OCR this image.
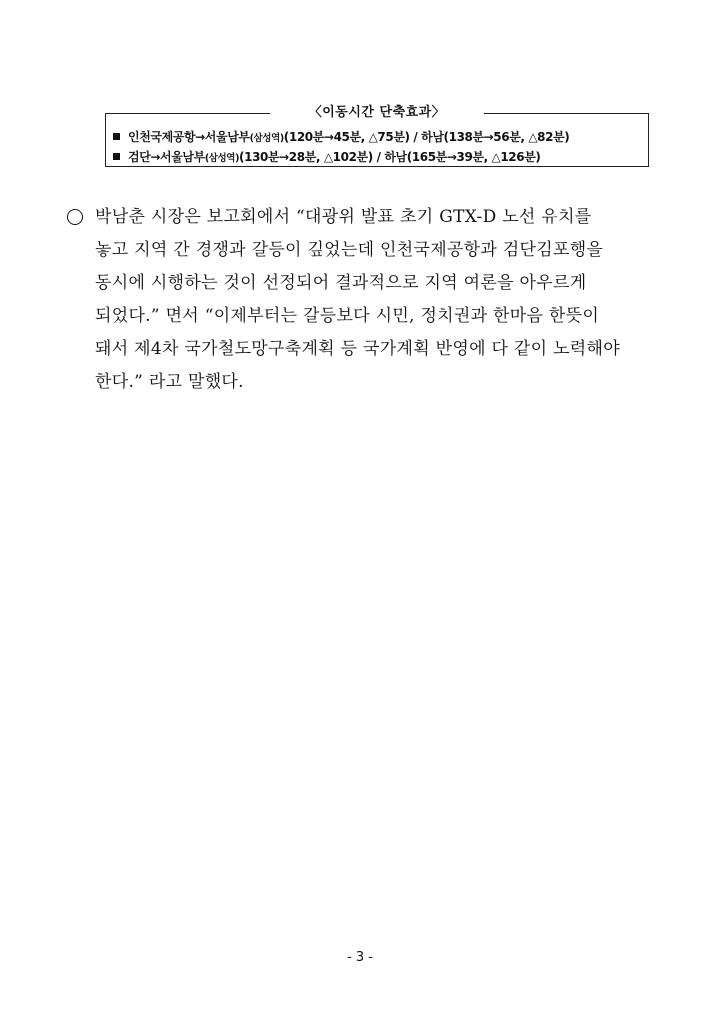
〈이동시간 단축효과〉
인천국제공항→서울남부(삼성역)(120분→45분, △75분) / 하남(138분→56분, △82분)
검단→서울남부(삼성역)(130분→28분, △102분) / 하남(165분→39분, △126분)
박남춘 시장은 보고회에서 “대광위 발표 초기 GTX-D 노선 유치를
놓고 지역 간 경쟁과 갈등이 깊었는데 인천국제공항과 검단김포행을
동시에 시행하는 것이 선정되어 결과적으로 지역 여론을 아우르게
되었다.” 면서 “이제부터는 갈등보다 시민, 정치권과 한마음 한뜻이
돼서 제4차 국가철도망구축계획 등 국가계획 반영에 다 같이 노력해야
한다.” 라고 말했다.
- 3 -
